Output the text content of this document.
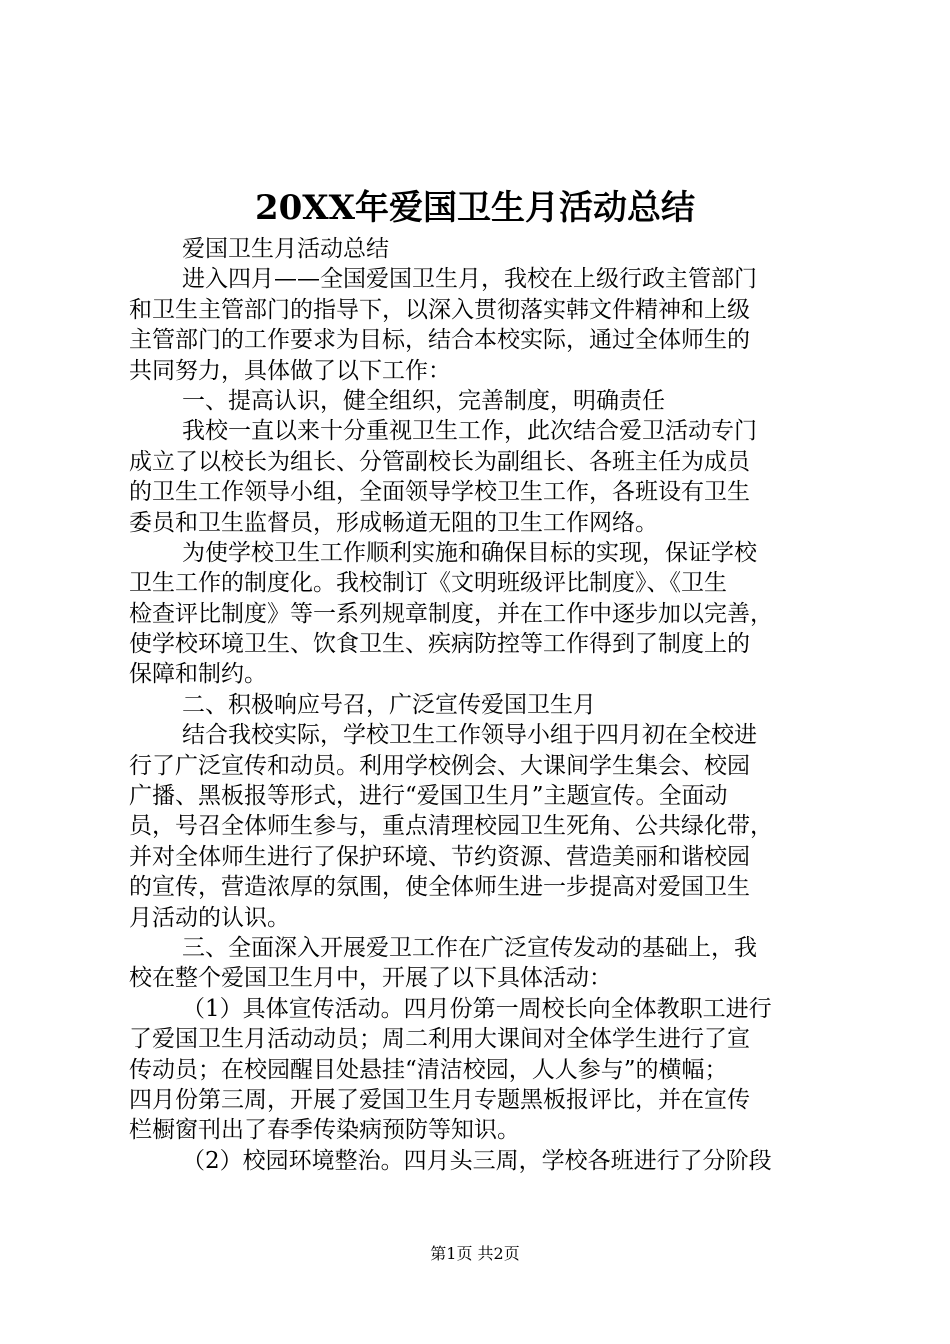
20XX年爱国卫生月活动总结
爱国卫生月活动总结
进入四月——全国爱国卫生月，我校在上级行政主管部门
和卫生主管部门的指导下，以深入贯彻落实韩文件精神和上级
主管部门的工作要求为目标，结合本校实际，通过全体师生的
共同努力，具体做了以下工作：
一、提高认识，健全组织，完善制度，明确责任
我校一直以来十分重视卫生工作，此次结合爱卫活动专门
成立了以校长为组长、分管副校长为副组长、各班主任为成员
的卫生工作领导小组，全面领导学校卫生工作，各班设有卫生
委员和卫生监督员，形成畅道无阻的卫生工作网络。
为使学校卫生工作顺利实施和确保目标的实现，保证学校
卫生工作的制度化。我校制订《文明班级评比制度》、《卫生
检查评比制度》等一系列规章制度，并在工作中逐步加以完善，
使学校环境卫生、饮食卫生、疾病防控等工作得到了制度上的
保障和制约。
二、积极响应号召，广泛宣传爱国卫生月
结合我校实际，学校卫生工作领导小组于四月初在全校进
行了广泛宣传和动员。利用学校例会、大课间学生集会、校园
广播、黑板报等形式，进行“爱国卫生月”主题宣传。全面动
员，号召全体师生参与，重点清理校园卫生死角、公共绿化带，
并对全体师生进行了保护环境、节约资源、营造美丽和谐校园
的宣传，营造浓厚的氛围，使全体师生进一步提高对爱国卫生
月活动的认识。
三、全面深入开展爱卫工作在广泛宣传发动的基础上，我
校在整个爱国卫生月中，开展了以下具体活动：
（1）具体宣传活动。四月份第一周校长向全体教职工进行
了爱国卫生月活动动员；周二利用大课间对全体学生进行了宣
传动员；在校园醒目处悬挂“清洁校园，人人参与”的横幅；
四月份第三周，开展了爱国卫生月专题黑板报评比，并在宣传
栏橱窗刊出了春季传染病预防等知识。
（2）校园环境整治。四月头三周，学校各班进行了分阶段
第1页 共2页
